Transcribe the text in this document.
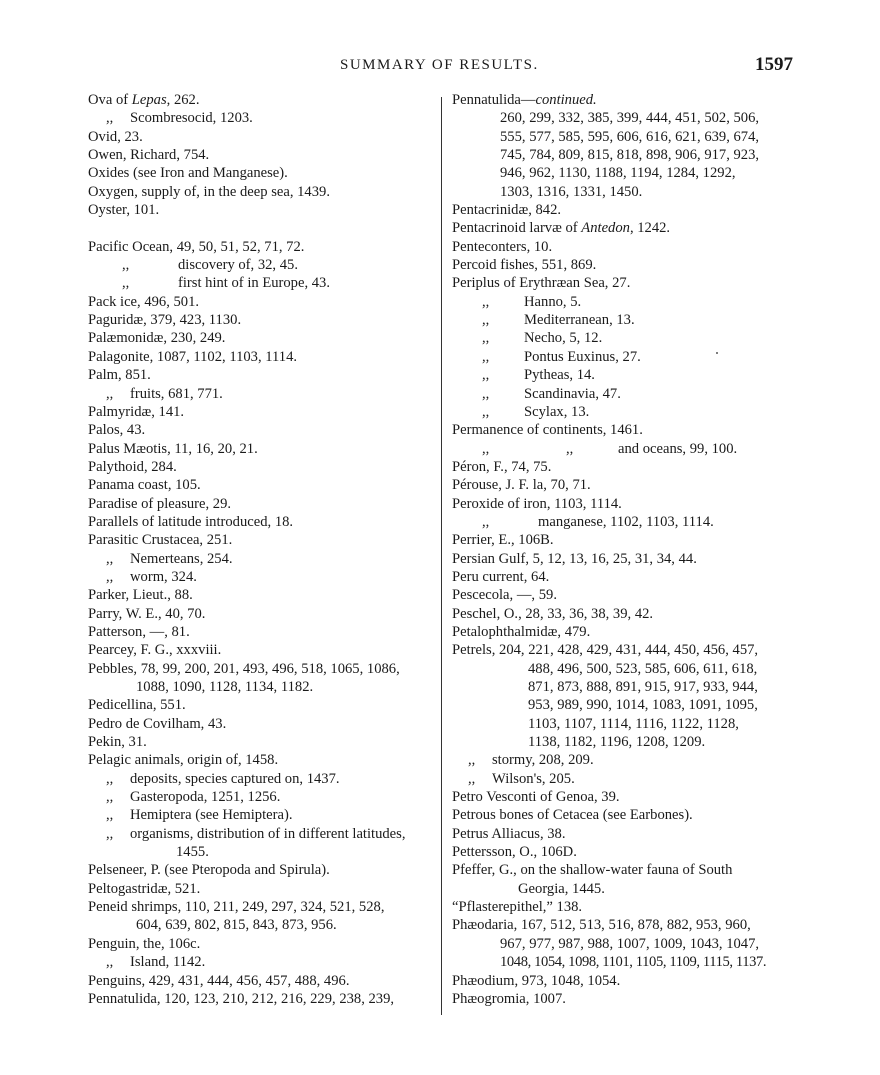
SUMMARY OF RESULTS.	1597
Ova of Lepas, 262.
,, Scombresocid, 1203.
Ovid, 23.
Owen, Richard, 754.
Oxides (see Iron and Manganese).
Oxygen, supply of, in the deep sea, 1439.
Oyster, 101.
Pacific Ocean, 49, 50, 51, 52, 71, 72.
,,	discovery of, 32, 45.
,,	first hint of in Europe, 43.
Pack ice, 496, 501.
Paguridæ, 379, 423, 1130.
Palæmonidæ, 230, 249.
Palagonite, 1087, 1102, 1103, 1114.
Palm, 851.
,, fruits, 681, 771.
Palmyridæ, 141.
Palos, 43.
Palus Mæotis, 11, 16, 20, 21.
Palythoid, 284.
Panama coast, 105.
Paradise of pleasure, 29.
Parallels of latitude introduced, 18.
Parasitic Crustacea, 251.
,, Nemerteans, 254.
,, worm, 324.
Parker, Lieut., 88.
Parry, W. E., 40, 70.
Patterson, —, 81.
Pearcey, F. G., xxxviii.
Pebbles, 78, 99, 200, 201, 493, 496, 518, 1065, 1086,
1088, 1090, 1128, 1134, 1182.
Pedicellina, 551.
Pedro de Covilham, 43.
Pekin, 31.
Pelagic animals, origin of, 1458.
,, deposits, species captured on, 1437.
,, Gasteropoda, 1251, 1256.
,, Hemiptera (see Hemiptera).
,, organisms, distribution of in different latitudes,
1455.
Pelseneer, P. (see Pteropoda and Spirula).
Peltogastridæ, 521.
Peneid shrimps, 110, 211, 249, 297, 324, 521, 528,
604, 639, 802, 815, 843, 873, 956.
Penguin, the, 106c.
,, Island, 1142.
Penguins, 429, 431, 444, 456, 457, 488, 496.
Pennatulida, 120, 123, 210, 212, 216, 229, 238, 239,
Pennatulida—continued.
260, 299, 332, 385, 399, 444, 451, 502, 506,
555, 577, 585, 595, 606, 616, 621, 639, 674,
745, 784, 809, 815, 818, 898, 906, 917, 923,
946, 962, 1130, 1188, 1194, 1284, 1292,
1303, 1316, 1331, 1450.
Pentacrinidæ, 842.
Pentacrinoid larvæ of Antedon, 1242.
Penteconters, 10.
Percoid fishes, 551, 869.
Periplus of Erythræan Sea, 27.
,, Hanno, 5.
,, Mediterranean, 13.
,, Necho, 5, 12.
,, Pontus Euxinus, 27.
,, Pytheas, 14.
,, Scandinavia, 47.
,, Scylax, 13.
Permanence of continents, 1461.
,,	,,	and oceans, 99, 100.
Péron, F., 74, 75.
Pérouse, J. F. la, 70, 71.
Peroxide of iron, 1103, 1114.
,,	manganese, 1102, 1103, 1114.
Perrier, E., 106B.
Persian Gulf, 5, 12, 13, 16, 25, 31, 34, 44.
Peru current, 64.
Pescecola, —, 59.
Peschel, O., 28, 33, 36, 38, 39, 42.
Petalophthalmidæ, 479.
Petrels, 204, 221, 428, 429, 431, 444, 450, 456, 457,
488, 496, 500, 523, 585, 606, 611, 618,
871, 873, 888, 891, 915, 917, 933, 944,
953, 989, 990, 1014, 1083, 1091, 1095,
1103, 1107, 1114, 1116, 1122, 1128,
1138, 1182, 1196, 1208, 1209.
,, stormy, 208, 209.
,, Wilson's, 205.
Petro Vesconti of Genoa, 39.
Petrous bones of Cetacea (see Earbones).
Petrus Alliacus, 38.
Pettersson, O., 106D.
Pfeffer, G., on the shallow-water fauna of South
Georgia, 1445.
“Pflasterepithel,” 138.
Phæodaria, 167, 512, 513, 516, 878, 882, 953, 960,
967, 977, 987, 988, 1007, 1009, 1043, 1047,
1048, 1054, 1098, 1101, 1105, 1109, 1115, 1137.
Phæodium, 973, 1048, 1054.
Phæogromia, 1007.
